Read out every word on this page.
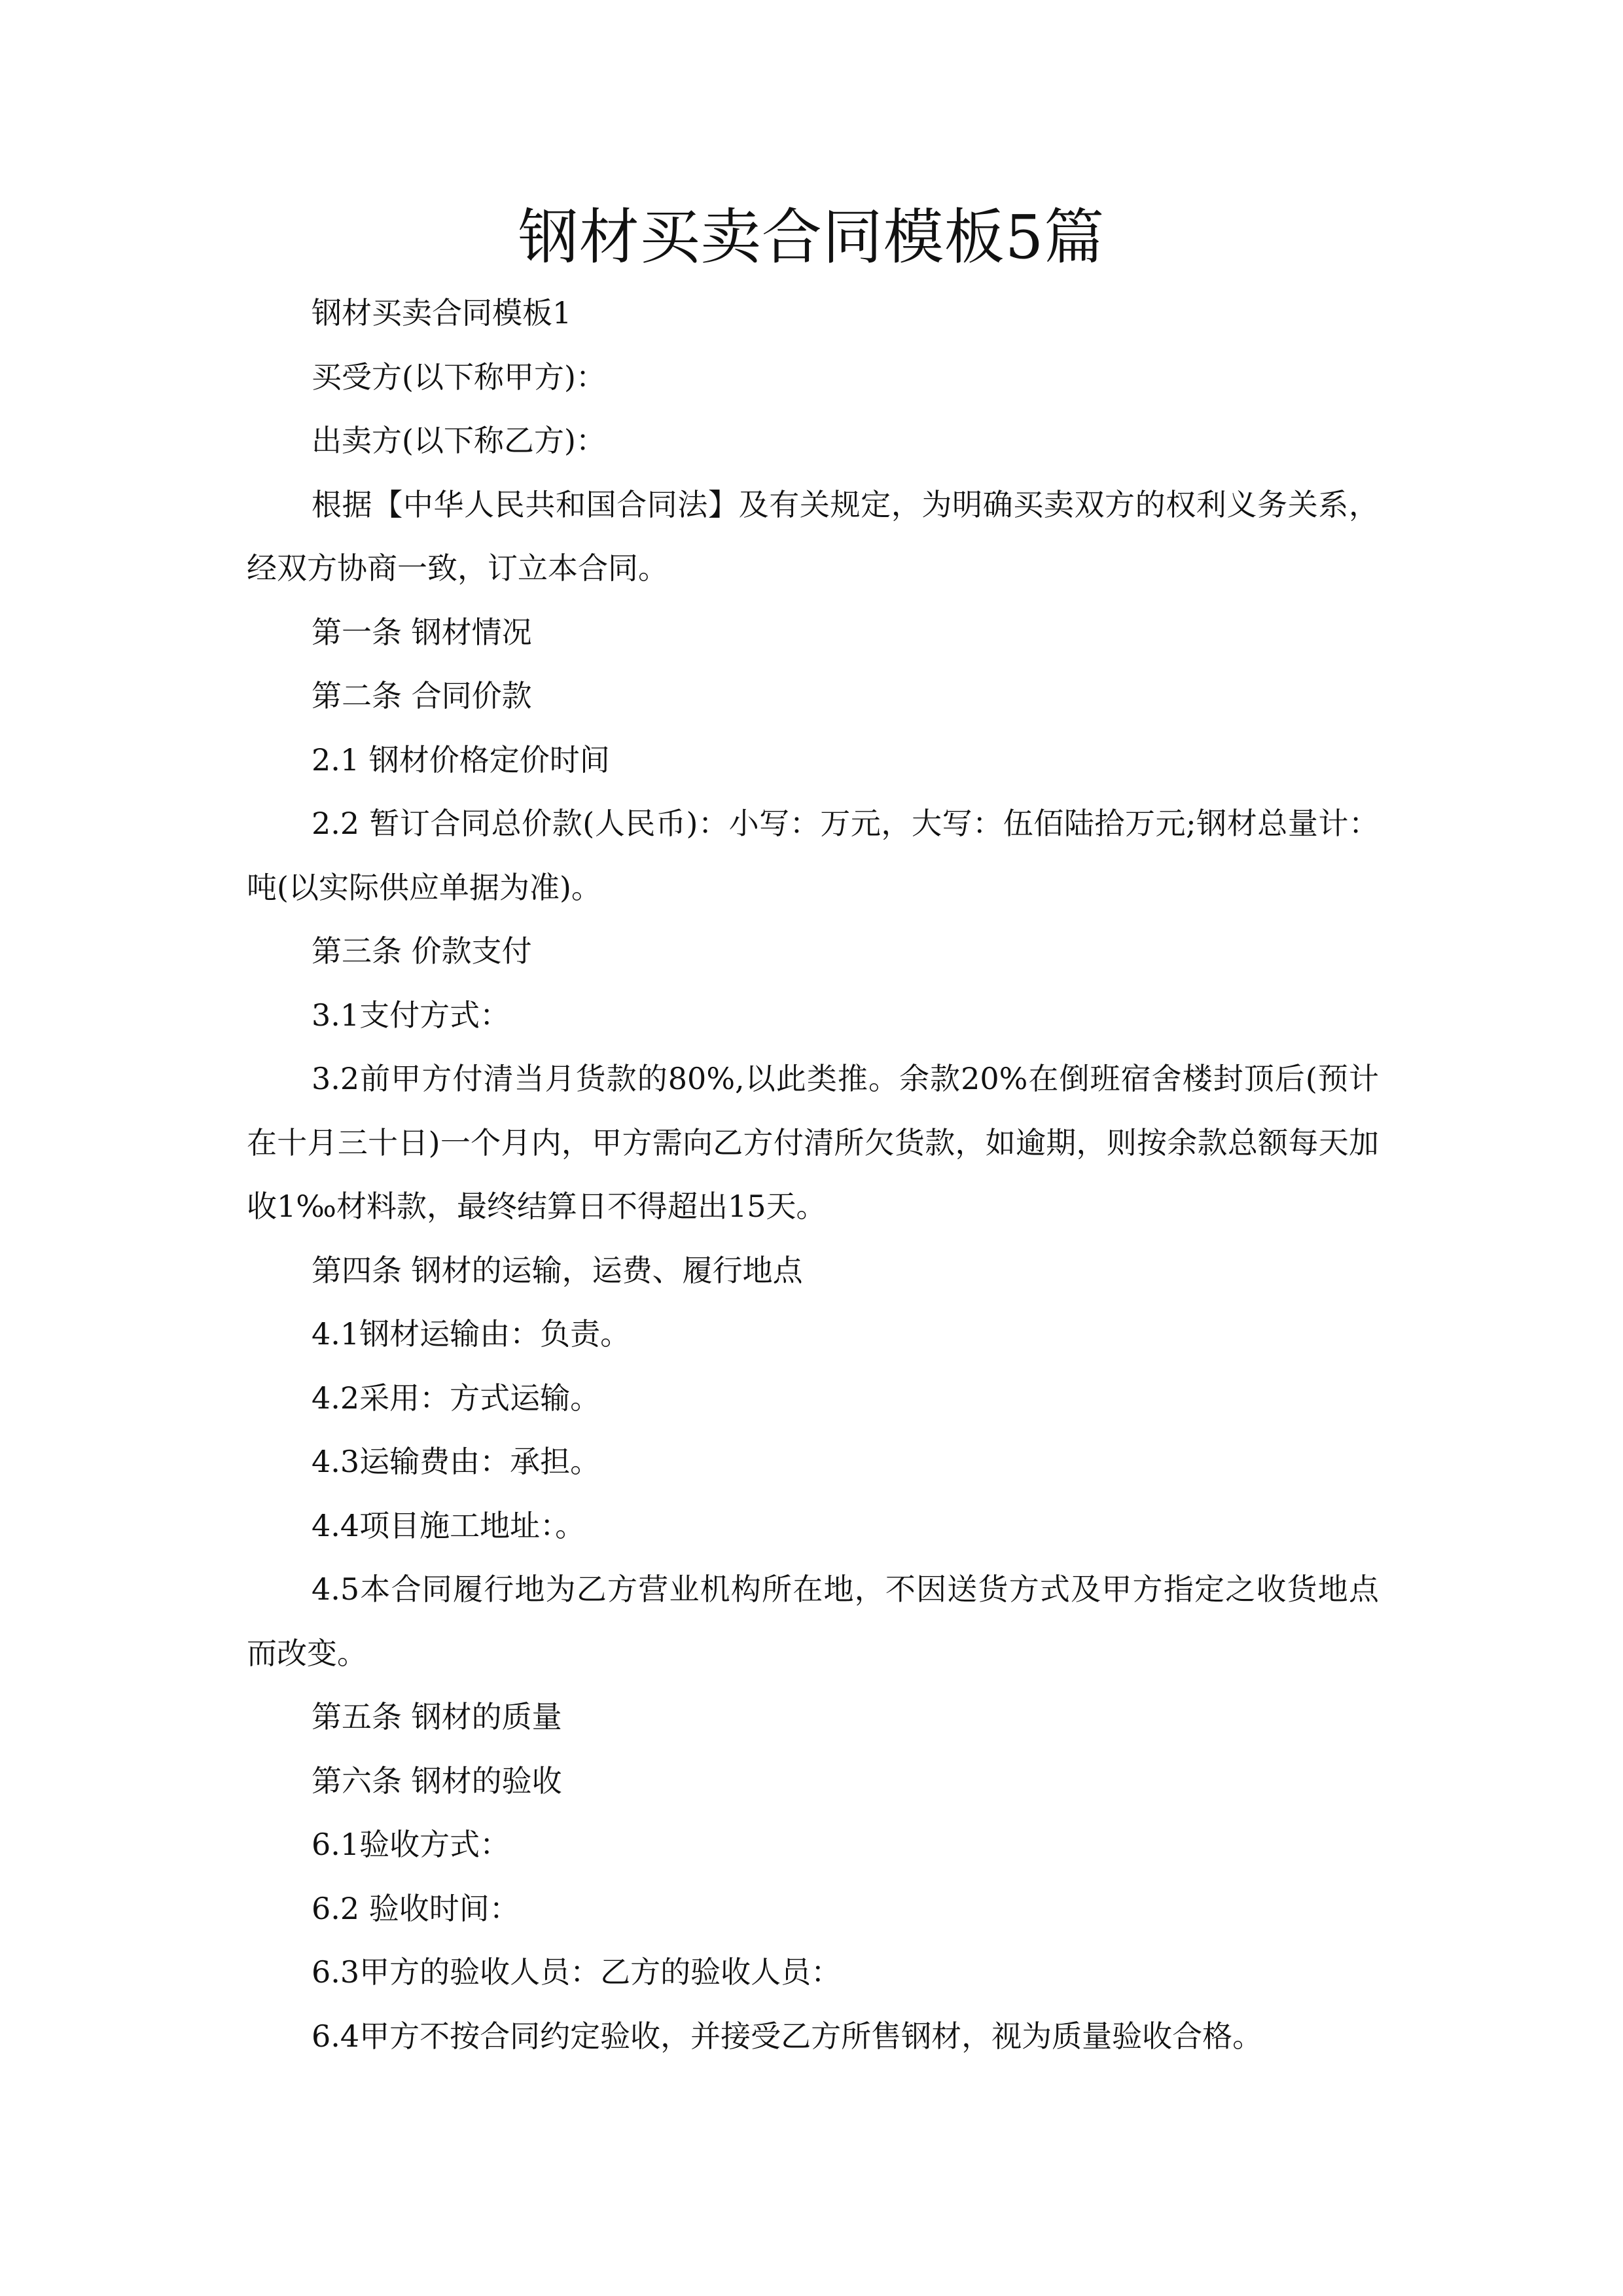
钢材买卖合同模板5篇

钢材买卖合同模板1

买受方(以下称甲方)：

出卖方(以下称乙方)：

根据【中华人民共和国合同法】及有关规定，为明确买卖双方的权利义务关系，经双方协商一致，订立本合同。

第一条 钢材情况

第二条 合同价款

2.1 钢材价格定价时间

2.2 暂订合同总价款(人民币)：小写：万元，大写：伍佰陆拾万元;钢材总量计：吨(以实际供应单据为准)。

第三条 价款支付

3.1支付方式：

3.2前甲方付清当月货款的80%,以此类推。余款20%在倒班宿舍楼封顶后(预计在十月三十日)一个月内，甲方需向乙方付清所欠货款，如逾期，则按余款总额每天加收1‰材料款，最终结算日不得超出15天。

第四条 钢材的运输，运费、履行地点

4.1钢材运输由：负责。

4.2采用：方式运输。

4.3运输费由：承担。

4.4项目施工地址：。

4.5本合同履行地为乙方营业机构所在地，不因送货方式及甲方指定之收货地点而改变。

第五条 钢材的质量

第六条 钢材的验收

6.1验收方式：

6.2 验收时间：

6.3甲方的验收人员：乙方的验收人员：

6.4甲方不按合同约定验收，并接受乙方所售钢材，视为质量验收合格。
